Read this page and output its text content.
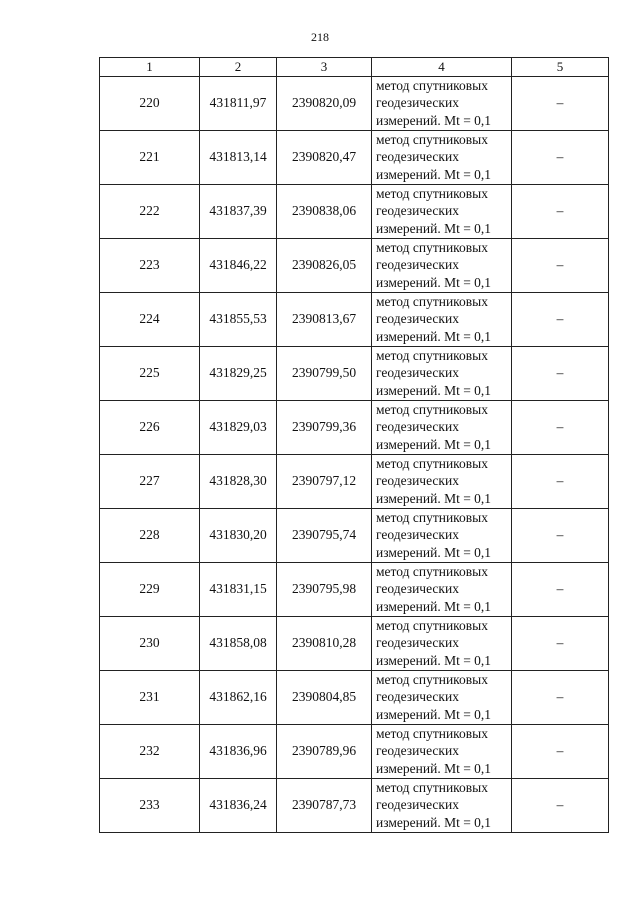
218
1	2	3	4	5
220	431811,97	2390820,09	метод спутниковых
геодезических
измерений. Mt = 0,1	–
221	431813,14	2390820,47	метод спутниковых
геодезических
измерений. Mt = 0,1	–
222	431837,39	2390838,06	метод спутниковых
геодезических
измерений. Mt = 0,1	–
223	431846,22	2390826,05	метод спутниковых
геодезических
измерений. Mt = 0,1	–
224	431855,53	2390813,67	метод спутниковых
геодезических
измерений. Mt = 0,1	–
225	431829,25	2390799,50	метод спутниковых
геодезических
измерений. Mt = 0,1	–
226	431829,03	2390799,36	метод спутниковых
геодезических
измерений. Mt = 0,1	–
227	431828,30	2390797,12	метод спутниковых
геодезических
измерений. Mt = 0,1	–
228	431830,20	2390795,74	метод спутниковых
геодезических
измерений. Mt = 0,1	–
229	431831,15	2390795,98	метод спутниковых
геодезических
измерений. Mt = 0,1	–
230	431858,08	2390810,28	метод спутниковых
геодезических
измерений. Mt = 0,1	–
231	431862,16	2390804,85	метод спутниковых
геодезических
измерений. Mt = 0,1	–
232	431836,96	2390789,96	метод спутниковых
геодезических
измерений. Mt = 0,1	–
233	431836,24	2390787,73	метод спутниковых
геодезических
измерений. Mt = 0,1	–
